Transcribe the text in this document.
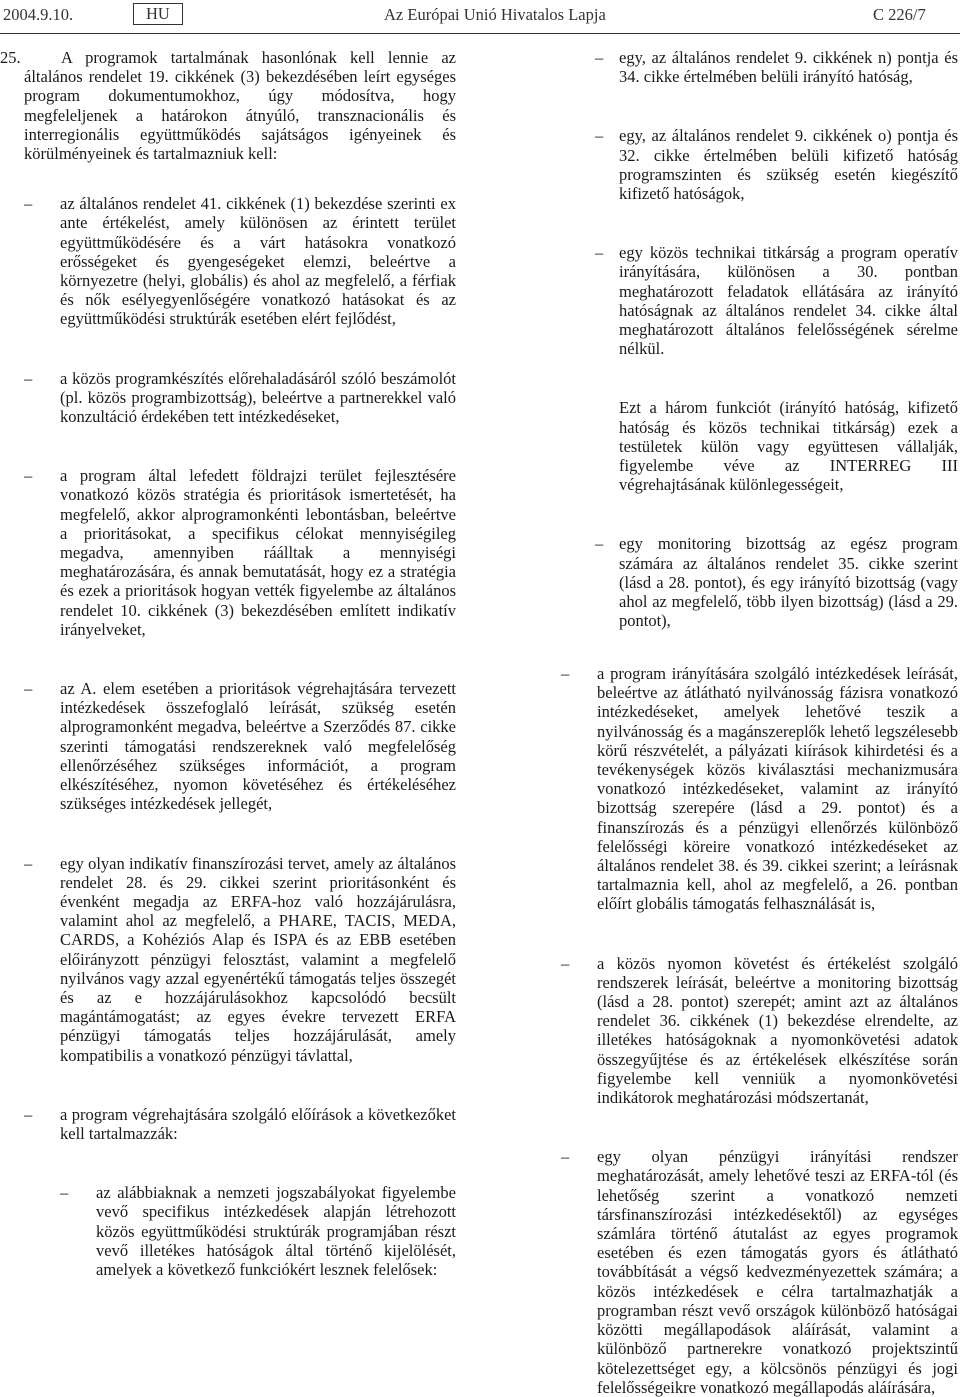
2004.9.10.	HU	Az Európai Unió Hivatalos Lapja	C 226/7

25. A programok tartalmának hasonlónak kell lennie az általános rendelet 19. cikkének (3) bekezdésében leírt egységes program dokumentumokhoz, úgy módosítva, hogy megfeleljenek a határokon átnyúló, transznacionális és interregionális együttműködés sajátságos igényeinek és körülményeinek és tartalmazniuk kell:

– az általános rendelet 41. cikkének (1) bekezdése szerinti ex ante értékelést, amely különösen az érintett terület együttműködésére és a várt hatásokra vonatkozó erősségeket és gyengeségeket elemzi, beleértve a környezetre (helyi, globális) és ahol az megfelelő, a férfiak és nők esélyegyenlőségére vonatkozó hatásokat és az együttműködési struktúrák esetében elért fejlődést,

– a közös programkészítés előrehaladásáról szóló beszámolót (pl. közös programbizottság), beleértve a partnerekkel való konzultáció érdekében tett intézkedéseket,

– a program által lefedett földrajzi terület fejlesztésére vonatkozó közös stratégia és prioritások ismertetését, ha megfelelő, akkor alprogramonkénti lebontásban, beleértve a prioritásokat, a specifikus célokat mennyiségileg megadva, amennyiben ráálltak a mennyiségi meghatározására, és annak bemutatását, hogy ez a stratégia és ezek a prioritások hogyan vették figyelembe az általános rendelet 10. cikkének (3) bekezdésében említett indikatív irányelveket,

– az A. elem esetében a prioritások végrehajtására tervezett intézkedések összefoglaló leírását, szükség esetén alprogramonként megadva, beleértve a Szerződés 87. cikke szerinti támogatási rendszereknek való megfelelőség ellenőrzéséhez szükséges információt, a program elkészítéséhez, nyomon követéséhez és értékeléséhez szükséges intézkedések jellegét,

– egy olyan indikatív finanszírozási tervet, amely az általános rendelet 28. és 29. cikkei szerint prioritásonként és évenként megadja az ERFA-hoz való hozzájárulásra, valamint ahol az megfelelő, a PHARE, TACIS, MEDA, CARDS, a Kohéziós Alap és ISPA és az EBB esetében előirányzott pénzügyi felosztást, valamint a megfelelő nyilvános vagy azzal egyenértékű támogatás teljes összegét és az e hozzájárulásokhoz kapcsolódó becsült magántámogatást; az egyes évekre tervezett ERFA pénzügyi támogatás teljes hozzájárulását, amely kompatibilis a vonatkozó pénzügyi távlattal,

– a program végrehajtására szolgáló előírások a következőket kell tartalmazzák:

– az alábbiaknak a nemzeti jogszabályokat figyelembe vevő specifikus intézkedések alapján létrehozott közös együttműködési struktúrák programjában részt vevő illetékes hatóságok által történő kijelölését, amelyek a következő funkciókért lesznek felelősek:

– egy, az általános rendelet 9. cikkének n) pontja és 34. cikke értelmében belüli irányító hatóság,

– egy, az általános rendelet 9. cikkének o) pontja és 32. cikke értelmében belüli kifizető hatóság programszinten és szükség esetén kiegészítő kifizető hatóságok,

– egy közös technikai titkárság a program operatív irányítására, különösen a 30. pontban meghatározott feladatok ellátására az irányító hatóságnak az általános rendelet 34. cikke által meghatározott általános felelősségének sérelme nélkül.

Ezt a három funkciót (irányító hatóság, kifizető hatóság és közös technikai titkárság) ezek a testületek külön vagy együttesen vállalják, figyelembe véve az INTERREG III végrehajtásának különlegességeit,

– egy monitoring bizottság az egész program számára az általános rendelet 35. cikke szerint (lásd a 28. pontot), és egy irányító bizottság (vagy ahol az megfelelő, több ilyen bizottság) (lásd a 29. pontot),

– a program irányítására szolgáló intézkedések leírását, beleértve az átlátható nyilvánosság fázisra vonatkozó intézkedéseket, amelyek lehetővé teszik a nyilvánosság és a magánszereplők lehető legszélesebb körű részvételét, a pályázati kiírások kihirdetési és a tevékenységek közös kiválasztási mechanizmusára vonatkozó intézkedéseket, valamint az irányító bizottság szerepére (lásd a 29. pontot) és a finanszírozás és a pénzügyi ellenőrzés különböző felelősségi köreire vonatkozó intézkedéseket az általános rendelet 38. és 39. cikkei szerint; a leírásnak tartalmaznia kell, ahol az megfelelő, a 26. pontban előírt globális támogatás felhasználását is,

– a közös nyomon követést és értékelést szolgáló rendszerek leírását, beleértve a monitoring bizottság (lásd a 28. pontot) szerepét; amint azt az általános rendelet 36. cikkének (1) bekezdése elrendelte, az illetékes hatóságoknak a nyomonkövetési adatok összegyűjtése és az értékelések elkészítése során figyelembe kell venniük a nyomonkövetési indikátorok meghatározási módszertanát,

– egy olyan pénzügyi irányítási rendszer meghatározását, amely lehetővé teszi az ERFA-tól (és lehetőség szerint a vonatkozó nemzeti társfinanszírozási intézkedésektől) az egységes számlára történő átutalást az egyes programok esetében és ezen támogatás gyors és átlátható továbbítását a végső kedvezményezettek számára; a közös intézkedések e célra tartalmazhatják a programban részt vevő országok különböző hatóságai közötti megállapodások aláírását, valamint a különböző partnerekre vonatkozó projektszintű kötelezettséget egy, a kölcsönös pénzügyi és jogi felelősségeikre vonatkozó megállapodás aláírására,
